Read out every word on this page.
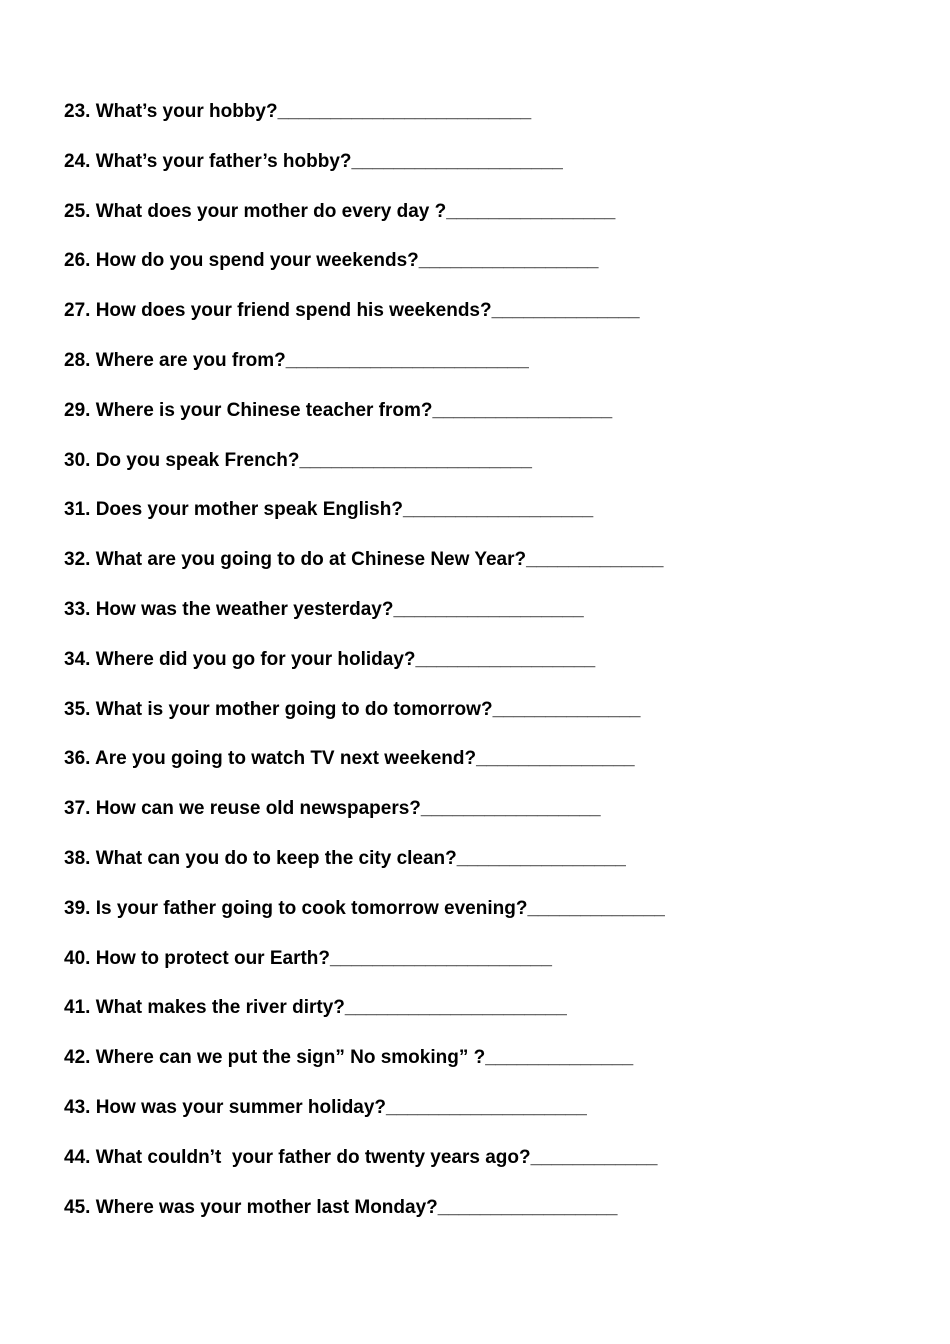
23. What’s your hobby?________________________
24. What’s your father’s hobby?____________________
25. What does your mother do every day ?________________
26. How do you spend your weekends?_________________
27. How does your friend spend his weekends?______________
28. Where are you from?_______________________
29. Where is your Chinese teacher from?_________________
30. Do you speak French?______________________
31. Does your mother speak English?__________________
32. What are you going to do at Chinese New Year?_____________
33. How was the weather yesterday?__________________
34. Where did you go for your holiday?_________________
35. What is your mother going to do tomorrow?______________
36. Are you going to watch TV next weekend?_______________
37. How can we reuse old newspapers?_________________
38. What can you do to keep the city clean?________________
39. Is your father going to cook tomorrow evening?_____________
40. How to protect our Earth?_____________________
41. What makes the river dirty?_____________________
42. Where can we put the sign” No smoking” ?______________
43. How was your summer holiday?___________________
44. What couldn’t  your father do twenty years ago?____________
45. Where was your mother last Monday?_________________
